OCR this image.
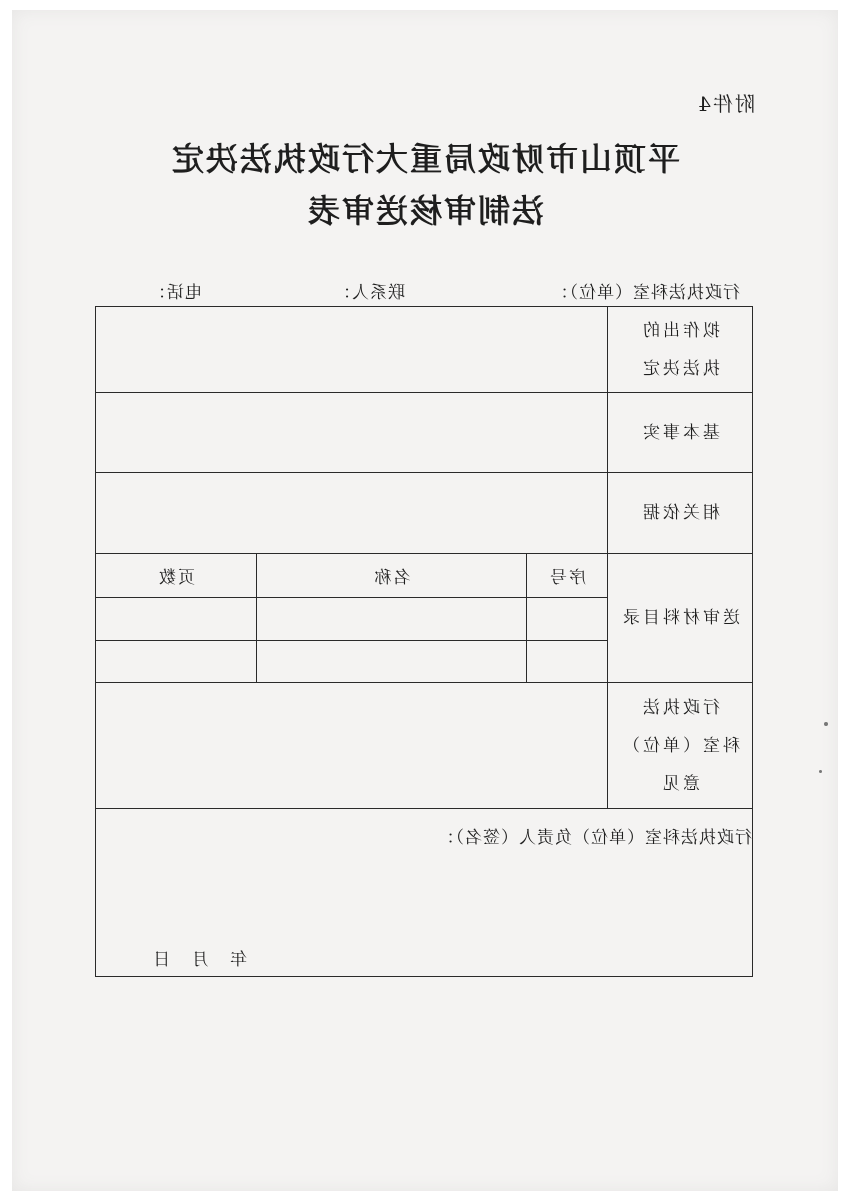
附件4
平顶山市财政局重大行政执法决定
法制审核送审表
行政执法科室（单位）：
联系人：
电话：
拟作出的
执法决定			

基本事实			

相关依据			

送审材料目录	序号	名称	页数

行政执法
科室（单位）
意见			

行政执法科室（单位）负责人（签名）：
年 月 日			
